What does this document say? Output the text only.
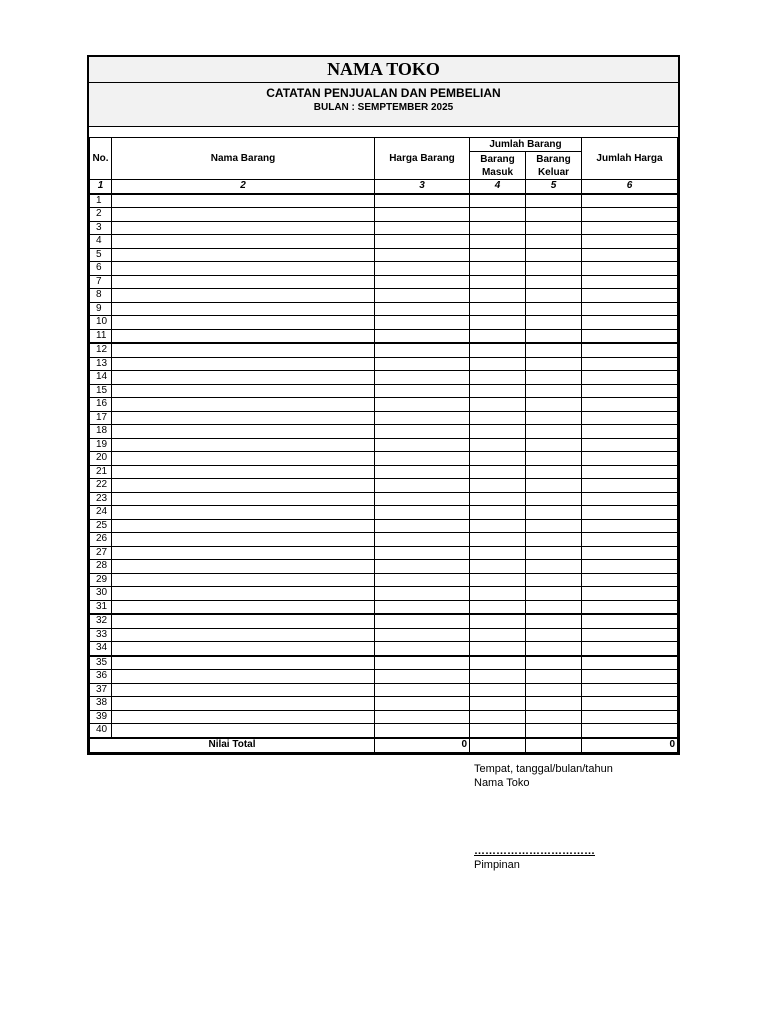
NAMA TOKO
CATATAN PENJUALAN DAN PEMBELIAN
BULAN : SEMPTEMBER 2025
No.	Nama Barang	Harga Barang	Jumlah Barang		Jumlah Harga
			Barang Masuk	Barang Keluar	
1	2	3	4	5	6
1					
2					
3					
4					
5					
6					
7					
8					
9					
10					
11					
12					
13					
14					
15					
16					
17					
18					
19					
20					
21					
22					
23					
24					
25					
26					
27					
28					
29					
30					
31					
32					
33					
34					
35					
36					
37					
38					
39					
40					
Nilai Total		0			0
Tempat, tanggal/bulan/tahun
Nama Toko
……………………………
Pimpinan
